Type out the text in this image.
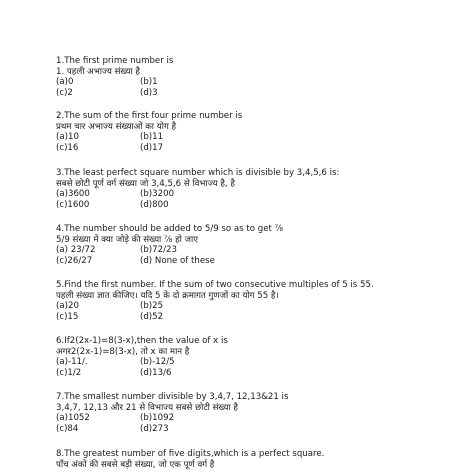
1.The first prime number is
1. पहली अभाज्य संख्या है
(a)0	(b)1
(c)2	(d)3
2.The sum of the first four prime number is
प्रथम चार अभाज्य संख्याओं का योग है
(a)10	(b)11
(c)16	(d)17
3.The least perfect square number which is divisible by 3,4,5,6 is:
सबसे छोटी पूर्ण वर्ग संख्या जो 3,4,5,6 से विभाज्य है, है
(a)3600	(b)3200
(c)1600	(d)800
4.The number should be added to 5/9 so as to get ⅞
5/9 संख्या में क्या जोड़े की संख्या ⅞ हो जाए
(a) 23/72	(b)72/23
(c)26/27	(d) None of these
5.Find the first number. If the sum of two consecutive multiples of 5 is 55.
पहली संख्या ज्ञात कीजिए। यदि 5 के दो क्रमागत गुणजों का योग 55 है।
(a)20	(b)25
(c)15	(d)52
6.If2(2x-1)=8(3-x),then the value of x is
अगर2(2x-1)=8(3-x), तो x का मान है
(a)-11/.	(b)-12/5
(c)1/2	(d)13/6
7.The smallest number divisible by 3,4,7, 12,13&21 is
3,4,7, 12,13 और 21 से विभाज्य सबसे छोटी संख्या है
(a)1052	(b)1092
(c)84	(d)273
8.The greatest number of five digits,which is a perfect square.
पाँच अंकों की सबसे बड़ी संख्या, जो एक पूर्ण वर्ग है
